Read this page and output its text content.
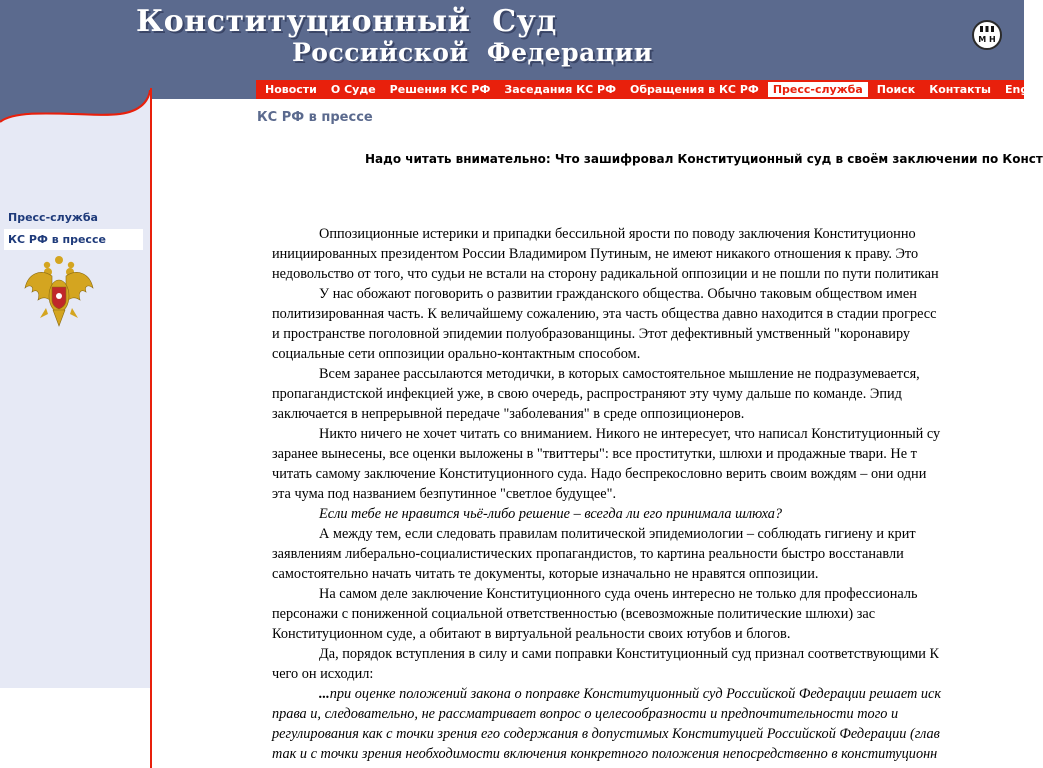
Конституционный  Суд
Российской  Федерации	М Н
Новости	О Суде	Решения КС РФ	Заседания КС РФ	Обращения в КС РФ	Пресс-служба	Поиск	Контакты	Eng
Пресс-служба
КС РФ в прессе
КС РФ в прессе
Надо читать внимательно: Что зашифровал Конституционный суд в своём заключении по Конст

Оппозиционные истерики и припадки бессильной ярости по поводу заключения Конституционно

инициированных президентом России Владимиром Путиным, не имеют никакого отношения к праву. Это

недовольство от того, что судьи не встали на сторону радикальной оппозиции и не пошли по пути политикан

У нас обожают поговорить о развитии гражданского общества. Обычно таковым обществом имен

политизированная часть. К величайшему сожалению, эта часть общества давно находится в стадии прогресс

и пространстве поголовной эпидемии полуобразованщины. Этот дефективный умственный "коронавиру

социальные сети оппозиции орально-контактным способом.

Всем заранее рассылаются методички, в которых самостоятельное мышление не подразумевается,

пропагандистской инфекцией уже, в свою очередь, распространяют эту чуму дальше по команде. Эпид

заключается в непрерывной передаче "заболевания" в среде оппозиционеров.

Никто ничего не хочет читать со вниманием. Никого не интересует, что написал Конституционный су

заранее вынесены, все оценки выложены в "твиттеры": все проститутки, шлюхи и продажные твари. Не т

читать самому заключение Конституционного суда. Надо беспрекословно верить своим вождям – они одни

эта чума под названием безпутинное "светлое будущее".

Если тебе не нравится чьё-либо решение – всегда ли его принимала шлюха?

А между тем, если следовать правилам политической эпидемиологии – соблюдать гигиену и крит

заявлениям либерально-социалистических пропагандистов, то картина реальности быстро восстанавли

самостоятельно начать читать те документы, которые изначально не нравятся оппозиции.

На самом деле заключение Конституционного суда очень интересно не только для профессиональ

персонажи с пониженной социальной ответственностью (всевозможные политические шлюхи) зас

Конституционном суде, а обитают в виртуальной реальности своих ютубов и блогов.

Да, порядок вступления в силу и сами поправки Конституционный суд признал соответствующими К

чего он исходил:

...при оценке положений закона о поправке Конституционный суд Российской Федерации решает иск

права и, следовательно, не рассматривает вопрос о целесообразности и предпочтительности того и

регулирования как с точки зрения его содержания в допустимых Конституцией Российской Федерации (глав

так и с точки зрения необходимости включения конкретного положения непосредственно в конституционн
